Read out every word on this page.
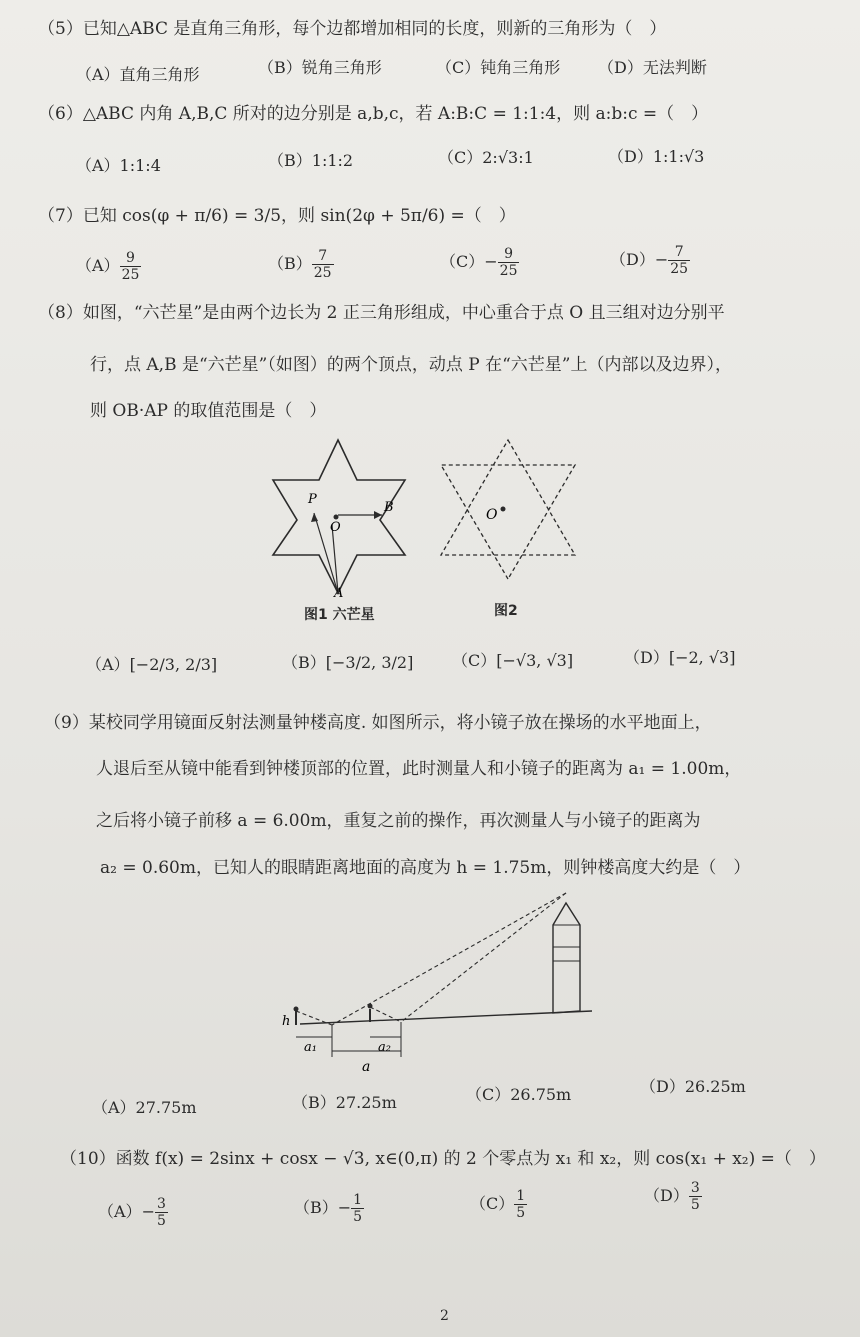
（5）已知△ABC 是直角三角形，每个边都增加相同的长度，则新的三角形为（　）
（A）直角三角形	（B）锐角三角形	（C）钝角三角形 （D）无法判断
（6）△ABC 内角 A,B,C 所对的边分别是 a,b,c，若 A:B:C = 1:1:4，则 a:b:c =（　）
（A）1:1:4	（B）1:1:2	（C）2:√3:1	（D）1:1:√3
（7）已知 cos(φ + π/6) = 3/5，则 sin(2φ + 5π/6) =（　）
$(A) \frac{9}{25}$	$(B) \frac{7}{25}$	$(C)- \frac{9}{25}$	$(D)- \frac{7}{25}$
（8）如图，“六芒星”是由两个边长为 2 正三角形组成，中心重合于点 O 且三组对边分别平
行，点 A,B 是“六芒星”（如图）的两个顶点，动点 P 在“六芒星”上（内部以及边界），
则 OB·AP 的取值范围是（　）
P
O
B
A
图1 六芒星
O
图2
（A）[−2/3, 2/3]	（B）[−3/2, 3/2] （C）[−√3, √3]	（D）[−2, √3]
（9）某校同学用镜面反射法测量钟楼高度. 如图所示，将小镜子放在操场的水平地面上，
人退后至从镜中能看到钟楼顶部的位置，此时测量人和小镜子的距离为 a₁ = 1.00m，
之后将小镜子前移 a = 6.00m，重复之前的操作，再次测量人与小镜子的距离为
a₂ = 0.60m，已知人的眼睛距离地面的高度为 h = 1.75m，则钟楼高度大约是（　）
h
a₁	a₂
a
（A）27.75m	（B）27.25m	（C）26.75m	（D）26.25m
（10）函数 f(x) = 2sinx + cosx − √3, x∈(0,π) 的 2 个零点为 x₁ 和 x₂，则 cos(x₁ + x₂) =（　）
$(A)- \frac{3}{5}$	$(B)- \frac{1}{5}$	$(C) \frac{1}{5}$	$(D) \frac{3}{5}$
2
